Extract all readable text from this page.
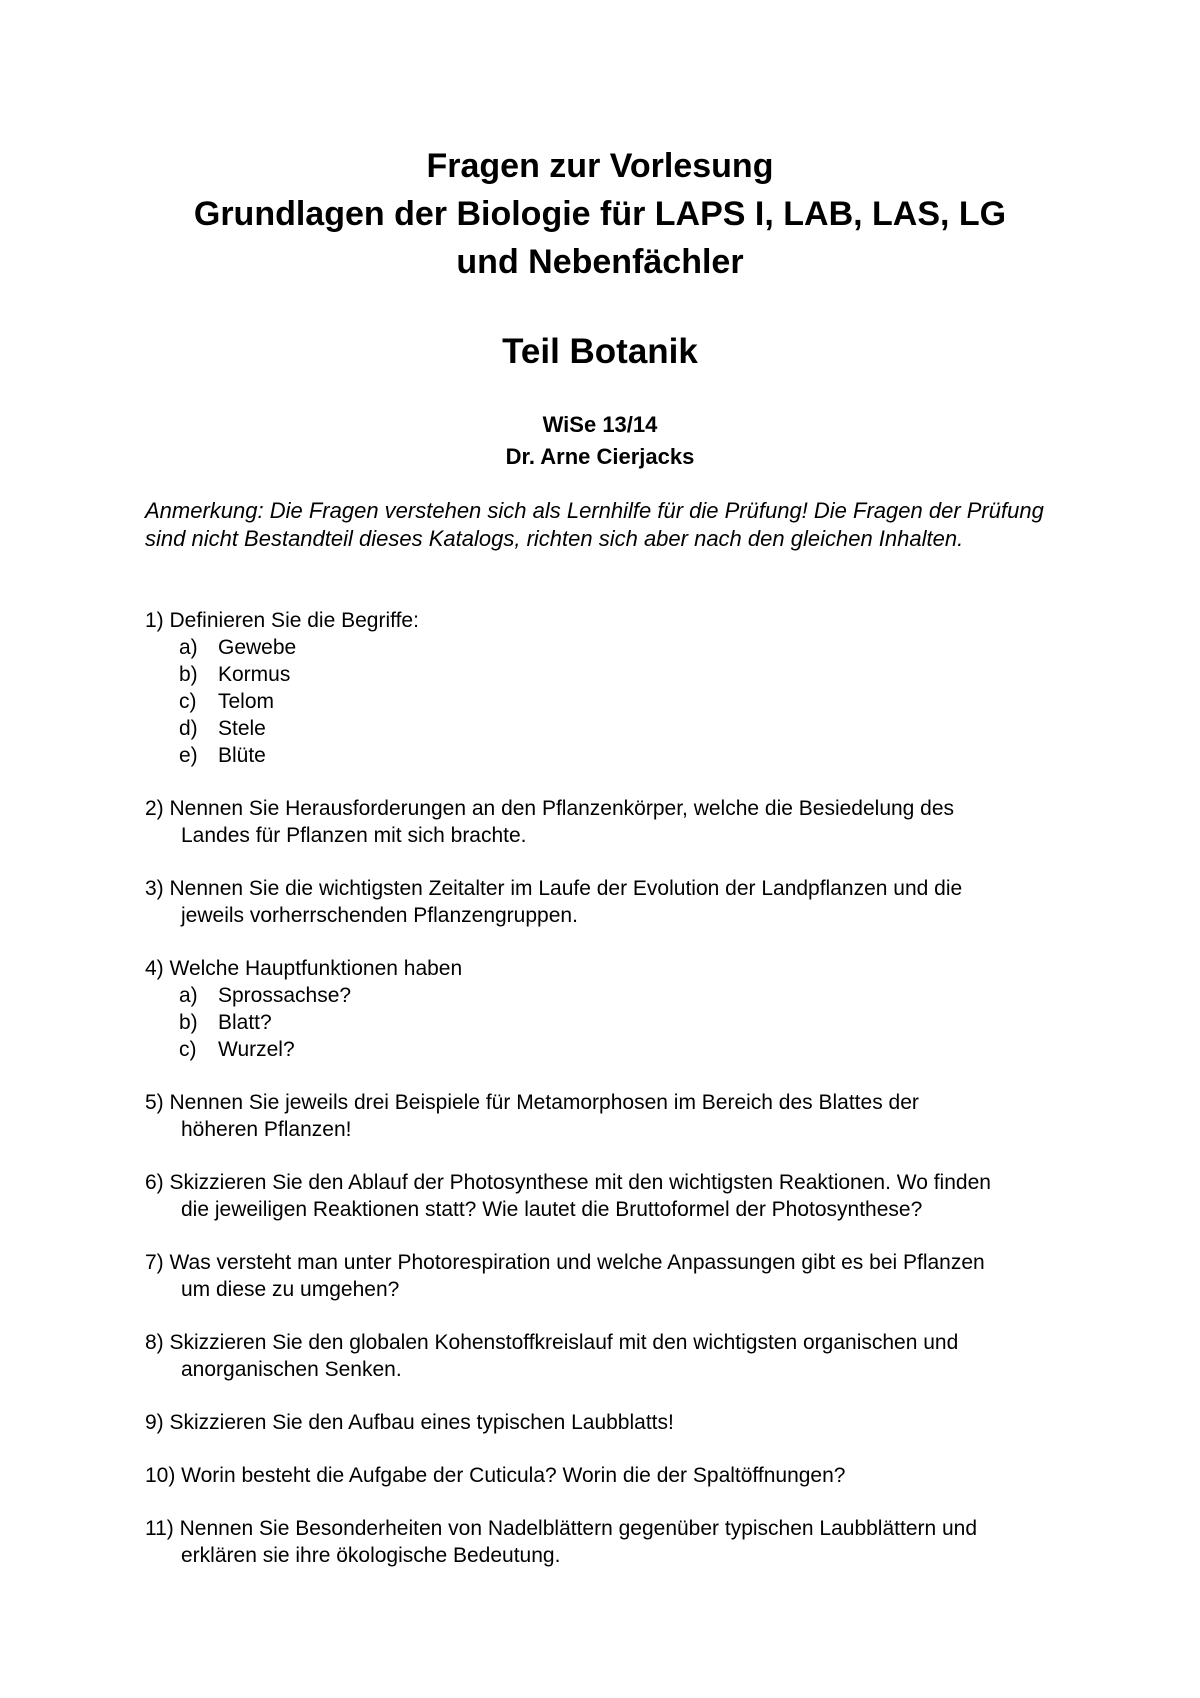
Fragen zur Vorlesung
Grundlagen der Biologie für LAPS I, LAB, LAS, LG
und Nebenfächler
Teil Botanik
WiSe 13/14
Dr. Arne Cierjacks
Anmerkung: Die Fragen verstehen sich als Lernhilfe für die Prüfung! Die Fragen der Prüfung sind nicht Bestandteil dieses Katalogs, richten sich aber nach den gleichen Inhalten.
1) Definieren Sie die Begriffe:
a) Gewebe
b) Kormus
c)	Telom
d) Stele
e) Blüte
2) Nennen Sie Herausforderungen an den Pflanzenkörper, welche die Besiedelung des
Landes für Pflanzen mit sich brachte.
3) Nennen Sie die wichtigsten Zeitalter im Laufe der Evolution der Landpflanzen und die
jeweils vorherrschenden Pflanzengruppen.
4) Welche Hauptfunktionen haben
a) Sprossachse?
b) Blatt?
c)	Wurzel?
5) Nennen Sie jeweils drei Beispiele für Metamorphosen im Bereich des Blattes der
höheren Pflanzen!
6) Skizzieren Sie den Ablauf der Photosynthese mit den wichtigsten Reaktionen. Wo finden
die jeweiligen Reaktionen statt? Wie lautet die Bruttoformel der Photosynthese?
7) Was versteht man unter Photorespiration und welche Anpassungen gibt es bei Pflanzen
um diese zu umgehen?
8) Skizzieren Sie den globalen Kohenstoffkreislauf mit den wichtigsten organischen und
anorganischen Senken.
9) Skizzieren Sie den Aufbau eines typischen Laubblatts!
10) Worin besteht die Aufgabe der Cuticula? Worin die der Spaltöffnungen?
11) Nennen Sie Besonderheiten von Nadelblättern gegenüber typischen Laubblättern und
erklären sie ihre ökologische Bedeutung.
